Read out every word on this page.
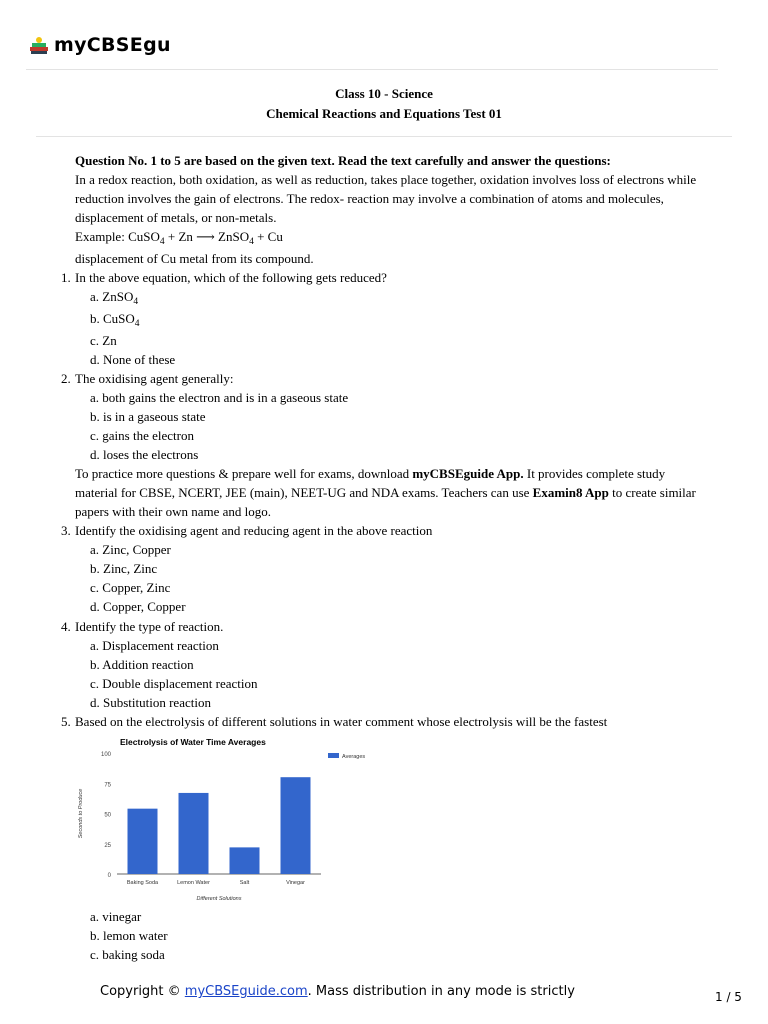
myCBSEgu
Class 10 - Science
Chemical Reactions and Equations Test 01
Question No. 1 to 5 are based on the given text. Read the text carefully and answer the questions:
In a redox reaction, both oxidation, as well as reduction, takes place together, oxidation involves loss of electrons while
reduction involves the gain of electrons. The redox- reaction may involve a combination of atoms and molecules,
displacement of metals, or non-metals.
Example: CuSO$_4$ + Zn ⟶ ZnSO$_4$ + Cu
displacement of Cu metal from its compound.
1. In the above equation, which of the following gets reduced?
a. ZnSO$_4$
b. CuSO$_4$
c. Zn
d. None of these
2. The oxidising agent generally:
a. both gains the electron and is in a gaseous state
b. is in a gaseous state
c. gains the electron
d. loses the electrons
To practice more questions & prepare well for exams, download myCBSEguide App. It provides complete study
material for CBSE, NCERT, JEE (main), NEET-UG and NDA exams. Teachers can use Examin8 App to create similar
papers with their own name and logo.
3. Identify the oxidising agent and reducing agent in the above reaction
a. Zinc, Copper
b. Zinc, Zinc
c. Copper, Zinc
d. Copper, Copper
4. Identify the type of reaction.
a. Displacement reaction
b. Addition reaction
c. Double displacement reaction
d. Substitution reaction
5. Based on the electrolysis of different solutions in water comment whose electrolysis will be the fastest
Electrolysis of Water Time Averages
0
25
50
75
100
Baking Soda	Lemon Water	Salt	Vinegar
Different Solutions
Seconds to Produce
Averages
a. vinegar
b. lemon water
c. baking soda
Copyright © myCBSEguide.com. Mass distribution in any mode is strictly	1 / 5
